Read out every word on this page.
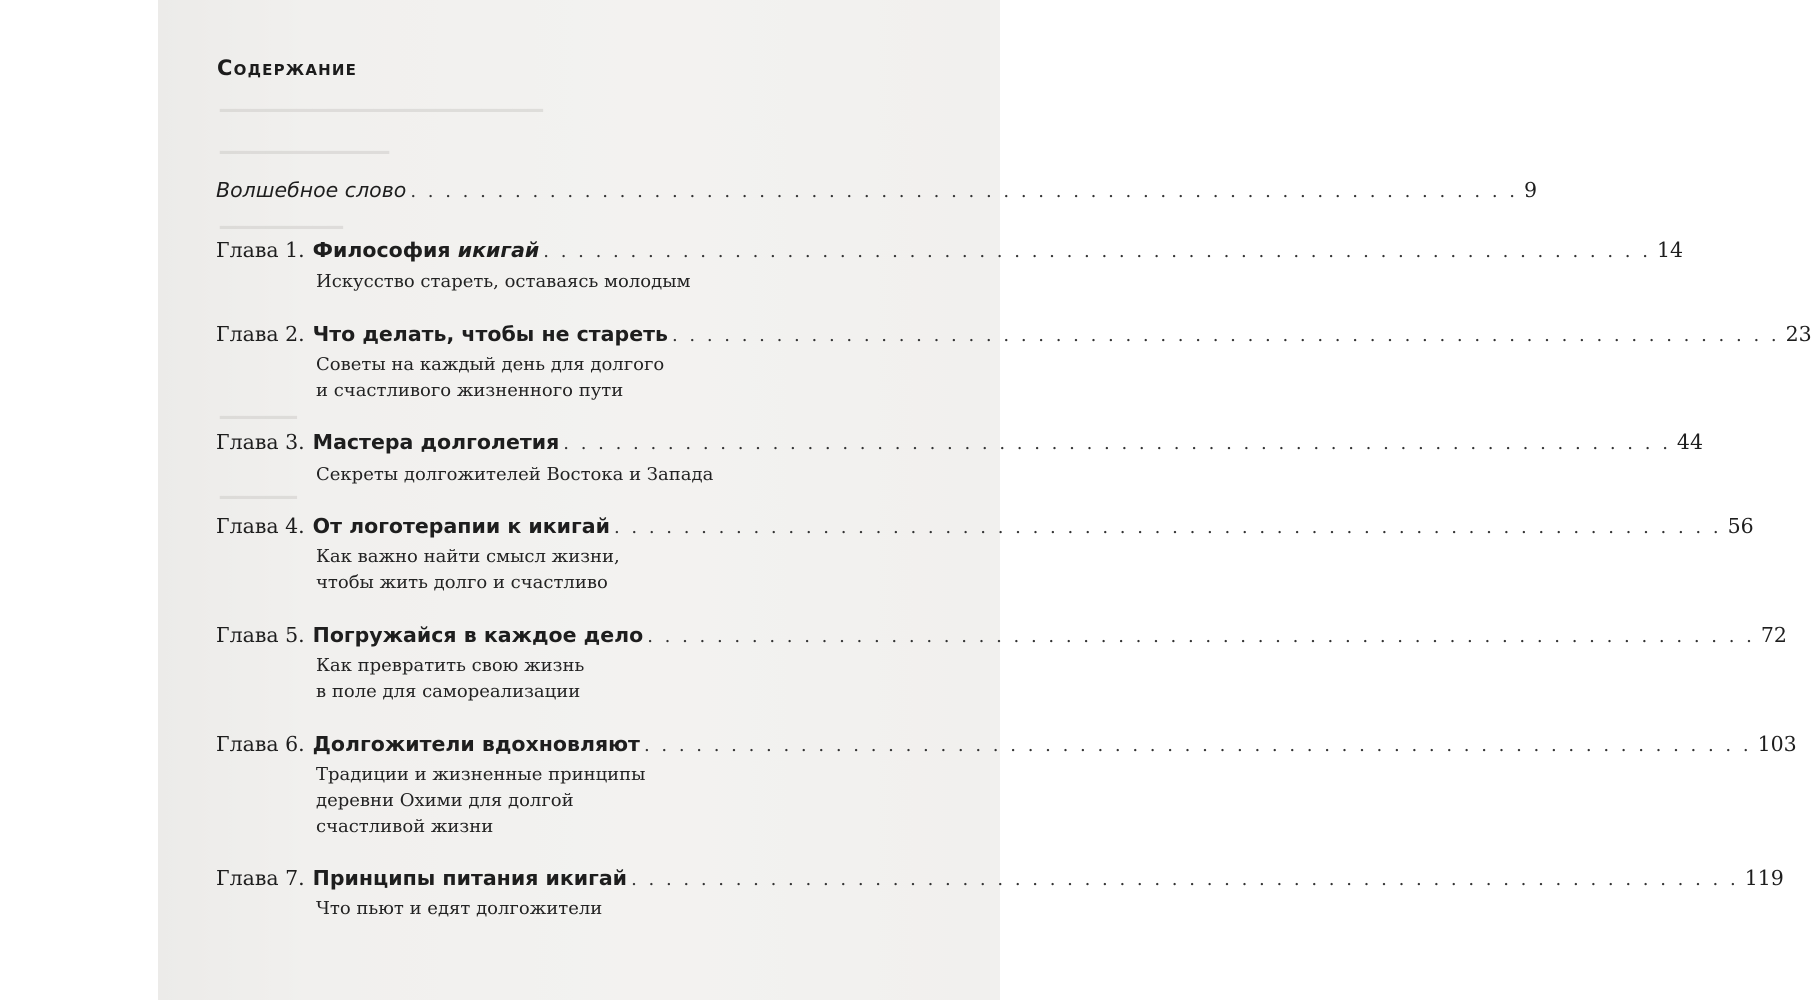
▁▁▁▁▁▁▁▁▁▁▁▁▁▁▁▁▁▁▁▁▁
▁▁▁▁▁▁▁▁▁▁▁
▁▁▁▁▁▁▁▁
▁▁▁▁▁
▁▁▁▁▁
Содержание
Волшебное слово . . . . . . . . . . . . . . . . . . . . . . . . . . . . . . . . . . . . . . . . . . . . . . . . . . . . . . . . . . . . . . . . 9
Глава 1. Философия икигай . . . . . . . . . . . . . . . . . . . . . . . . . . . . . . . . . . . . . . . . . . . . . . . . . . . . . . . . . . . . . . . . 14
Искусство стареть, оставаясь молодым
Глава 2. Что делать, чтобы не стареть . . . . . . . . . . . . . . . . . . . . . . . . . . . . . . . . . . . . . . . . . . . . . . . . . . . . . . . . . . . . . . . . 23
Советы на каждый день для долгого
и счастливого жизненного пути
Глава 3. Мастера долголетия . . . . . . . . . . . . . . . . . . . . . . . . . . . . . . . . . . . . . . . . . . . . . . . . . . . . . . . . . . . . . . . . 44
Секреты долгожителей Востока и Запада
Глава 4. От логотерапии к икигай . . . . . . . . . . . . . . . . . . . . . . . . . . . . . . . . . . . . . . . . . . . . . . . . . . . . . . . . . . . . . . . . 56
Как важно найти смысл жизни,
чтобы жить долго и счастливо
Глава 5. Погружайся в каждое дело . . . . . . . . . . . . . . . . . . . . . . . . . . . . . . . . . . . . . . . . . . . . . . . . . . . . . . . . . . . . . . . . 72
Как превратить свою жизнь
в поле для самореализации
Глава 6. Долгожители вдохновляют . . . . . . . . . . . . . . . . . . . . . . . . . . . . . . . . . . . . . . . . . . . . . . . . . . . . . . . . . . . . . . . . 103
Традиции и жизненные принципы
деревни Охими для долгой
счастливой жизни
Глава 7. Принципы питания икигай . . . . . . . . . . . . . . . . . . . . . . . . . . . . . . . . . . . . . . . . . . . . . . . . . . . . . . . . . . . . . . . . 119
Что пьют и едят долгожители
